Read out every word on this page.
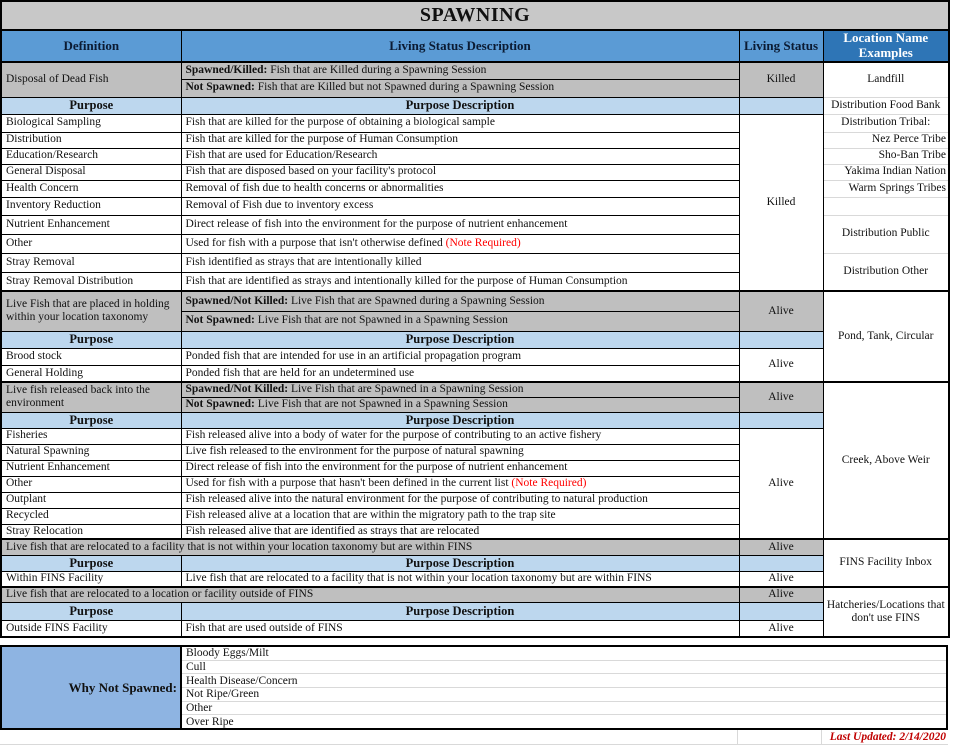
SPAWNING			
Definition	Living Status Description	Living Status	Location Name Examples
Disposal of Dead Fish	Spawned/Killed: Fish that are Killed during a Spawning Session	Killed	Landfill
	Not Spawned: Fish that are Killed but not Spawned during a Spawning Session		
Purpose	Purpose Description		Distribution Food Bank
Biological Sampling	Fish that are killed for the purpose of obtaining a biological sample	Killed	Distribution Tribal:
Distribution	Fish that are killed for the purpose of Human Consumption		Nez Perce Tribe
Education/Research	Fish that are used for Education/Research		Sho-Ban Tribe
General Disposal	Fish that are disposed based on your facility's protocol		Yakima Indian Nation
Health Concern	Removal of fish due to health concerns or abnormalities		Warm Springs Tribes
Inventory Reduction	Removal of Fish due to inventory excess		
Nutrient Enhancement	Direct release of fish into the environment for the purpose of nutrient enhancement		Distribution Public
Other	Used for fish with a purpose that isn't otherwise defined (Note Required)		
Stray Removal	Fish identified as strays that are intentionally killed		Distribution Other
Stray Removal Distribution	Fish that are identified as strays and intentionally killed for the purpose of Human Consumption		
Live Fish that are placed in holding within your location taxonomy	Spawned/Not Killed: Live Fish that are Spawned during a Spawning Session	Alive	Pond, Tank, Circular
	Not Spawned: Live Fish that are not Spawned in a Spawning Session		
Purpose	Purpose Description		
Brood stock	Ponded fish that are intended for use in an artificial propagation program	Alive	
General Holding	Ponded fish that are held for an undetermined use		
Live fish released back into the environment	Spawned/Not Killed: Live Fish that are Spawned in a Spawning Session	Alive	Creek, Above Weir
	Not Spawned: Live Fish that are not Spawned in a Spawning Session		
Purpose	Purpose Description		
Fisheries	Fish released alive into a body of water for the purpose of contributing to an active fishery	Alive	
Natural Spawning	Live fish released to the environment for the purpose of natural spawning		
Nutrient Enhancement	Direct release of fish into the environment for the purpose of nutrient enhancement		
Other	Used for fish with a purpose that hasn't been defined in the current list (Note Required)		
Outplant	Fish released alive into the natural environment for the purpose of contributing to natural production		
Recycled	Fish released alive at a location that are within the migratory path to the trap site		
Stray Relocation	Fish released alive that are identified as strays that are relocated		
Live fish that are relocated to a facility that is not within your location taxonomy but are within FINS		Alive	FINS Facility Inbox
Purpose	Purpose Description		
Within FINS Facility	Live fish that are relocated to a facility that is not within your location taxonomy but are within FINS	Alive	
Live fish that are relocated to a location or facility outside of FINS		Alive	Hatcheries/Locations that don't use FINS
Purpose	Purpose Description		
Outside FINS Facility	Fish that are used outside of FINS	Alive	
Why Not Spawned:
Bloody Eggs/Milt
Cull
Health Disease/Concern
Not Ripe/Green
Other
Over Ripe
Last Updated: 2/14/2020
